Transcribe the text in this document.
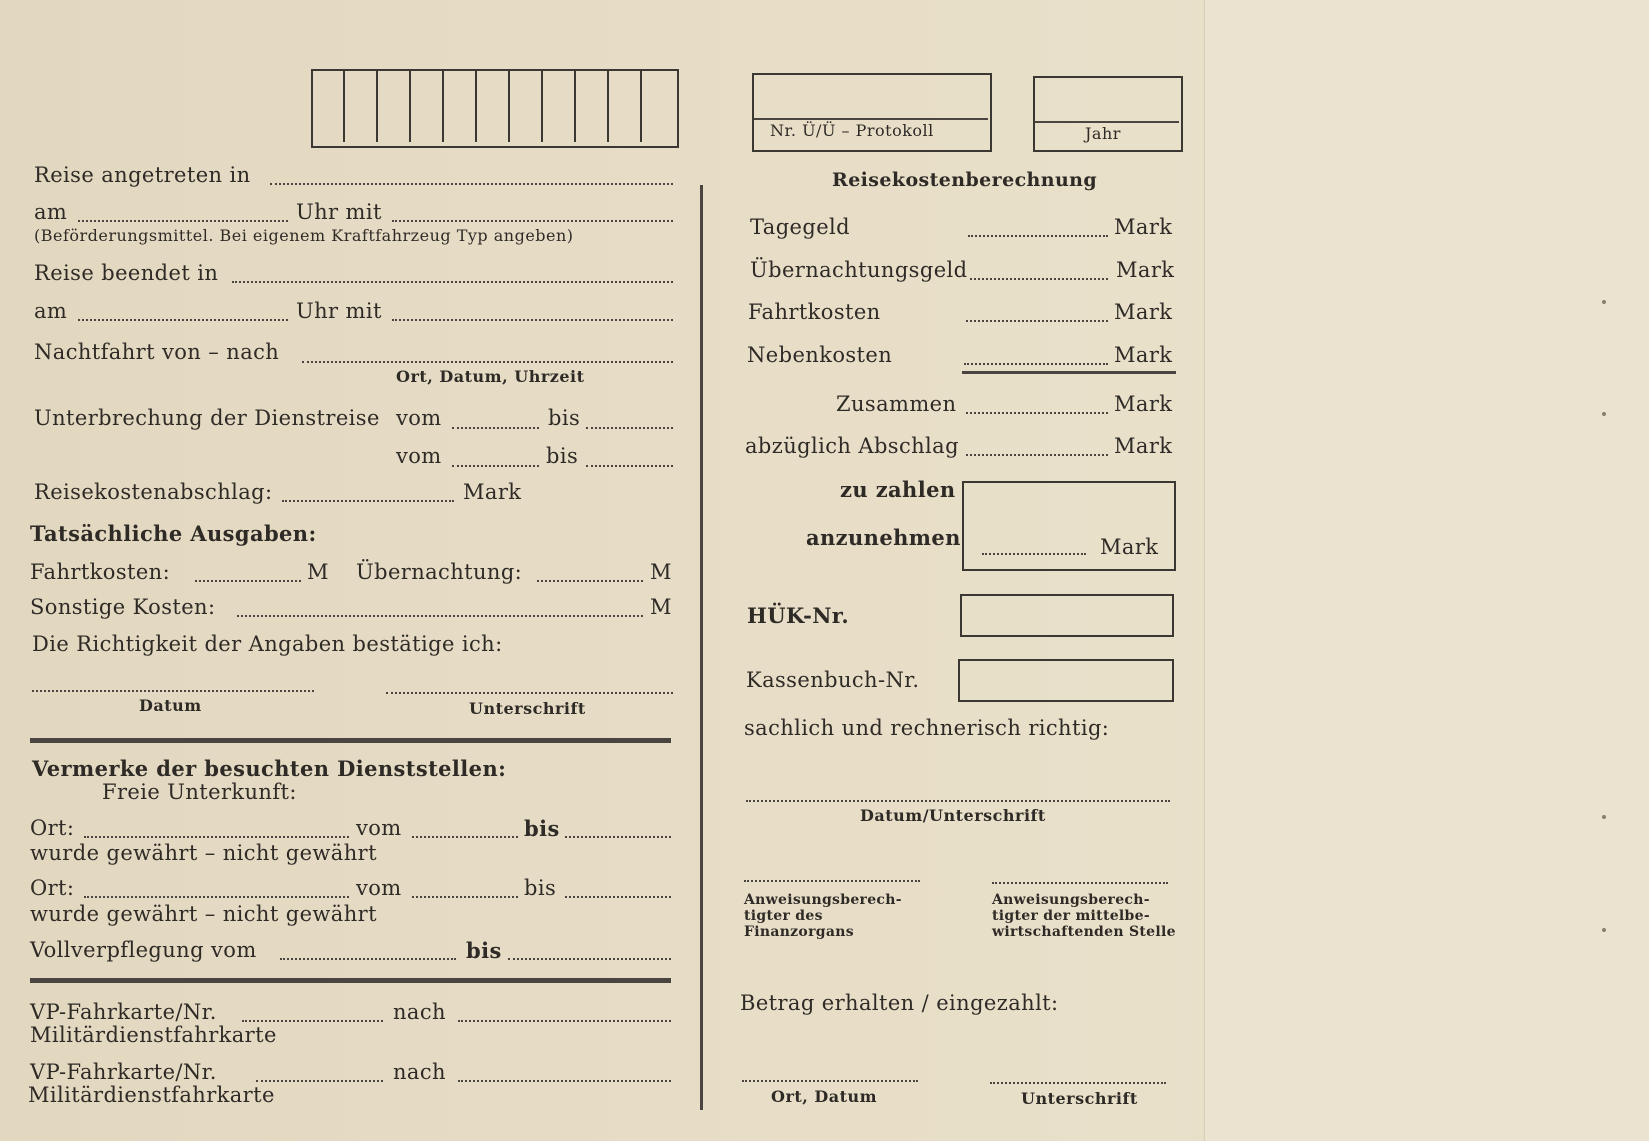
Nr. Ü/Ü – Protokoll	Jahr
Reise angetreten in
am	Uhr mit
(Beförderungsmittel. Bei eigenem Kraftfahrzeug Typ angeben)
Reise beendet in
am	Uhr mit
Nachtfahrt von – nach
Ort, Datum, Uhrzeit
Unterbrechung der Dienstreise vom	bis
vom	bis
Reisekostenabschlag:	Mark
Tatsächliche Ausgaben:
Fahrtkosten:	M Übernachtung:	M
Sonstige Kosten:	M
Die Richtigkeit der Angaben bestätige ich:
Datum	Unterschrift
Vermerke der besuchten Dienststellen:
Freie Unterkunft:
Ort:	vom	bis
wurde gewährt – nicht gewährt
Ort:	vom	bis
wurde gewährt – nicht gewährt
Vollverpflegung vom	bis
VP-Fahrkarte/Nr.	nach
Militärdienstfahrkarte
VP-Fahrkarte/Nr.	nach
Militärdienstfahrkarte
Reisekostenberechnung
Tagegeld	Mark
Übernachtungsgeld	Mark
Fahrtkosten	Mark
Nebenkosten	Mark
Zusammen	Mark
abzüglich Abschlag	Mark
zu zahlen
anzunehmen	Mark
HÜK-Nr.
Kassenbuch-Nr.
sachlich und rechnerisch richtig:
Datum/Unterschrift
Anweisungsberech-tigter des Finanzorgans
Anweisungsberech-tigter der mittelbe-wirtschaftenden Stelle
Betrag erhalten / eingezahlt:
Ort, Datum	Unterschrift
